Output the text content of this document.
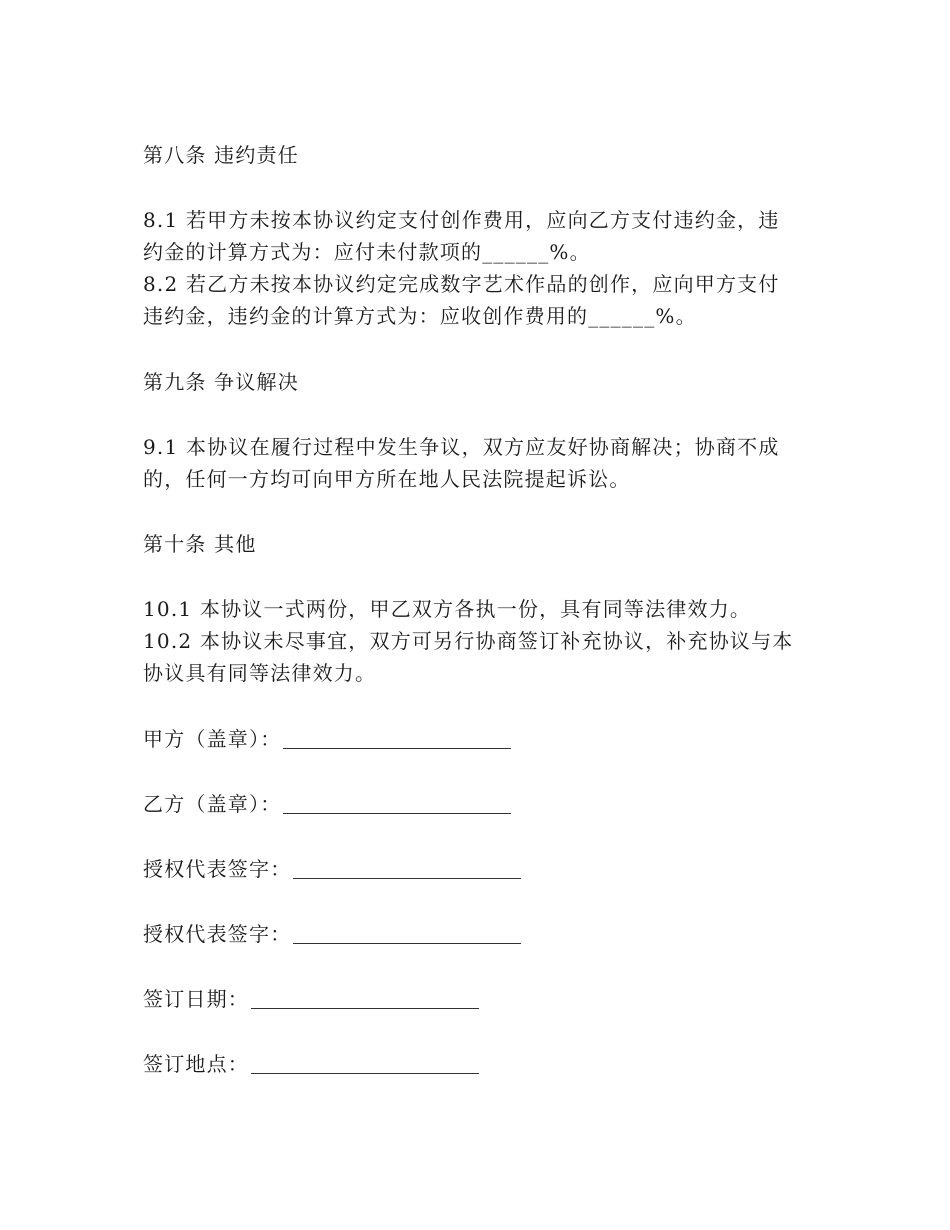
第八条 违约责任
8.1 若甲方未按本协议约定支付创作费用，应向乙方支付违约金，违
约金的计算方式为：应付未付款项的______%。
8.2 若乙方未按本协议约定完成数字艺术作品的创作，应向甲方支付
违约金，违约金的计算方式为：应收创作费用的______%。
第九条 争议解决
9.1 本协议在履行过程中发生争议，双方应友好协商解决；协商不成
的，任何一方均可向甲方所在地人民法院提起诉讼。
第十条 其他
10.1 本协议一式两份，甲乙双方各执一份，具有同等法律效力。
10.2 本协议未尽事宜，双方可另行协商签订补充协议，补充协议与本
协议具有同等法律效力。
甲方（盖章）：
乙方（盖章）：
授权代表签字：
授权代表签字：
签订日期：
签订地点：
